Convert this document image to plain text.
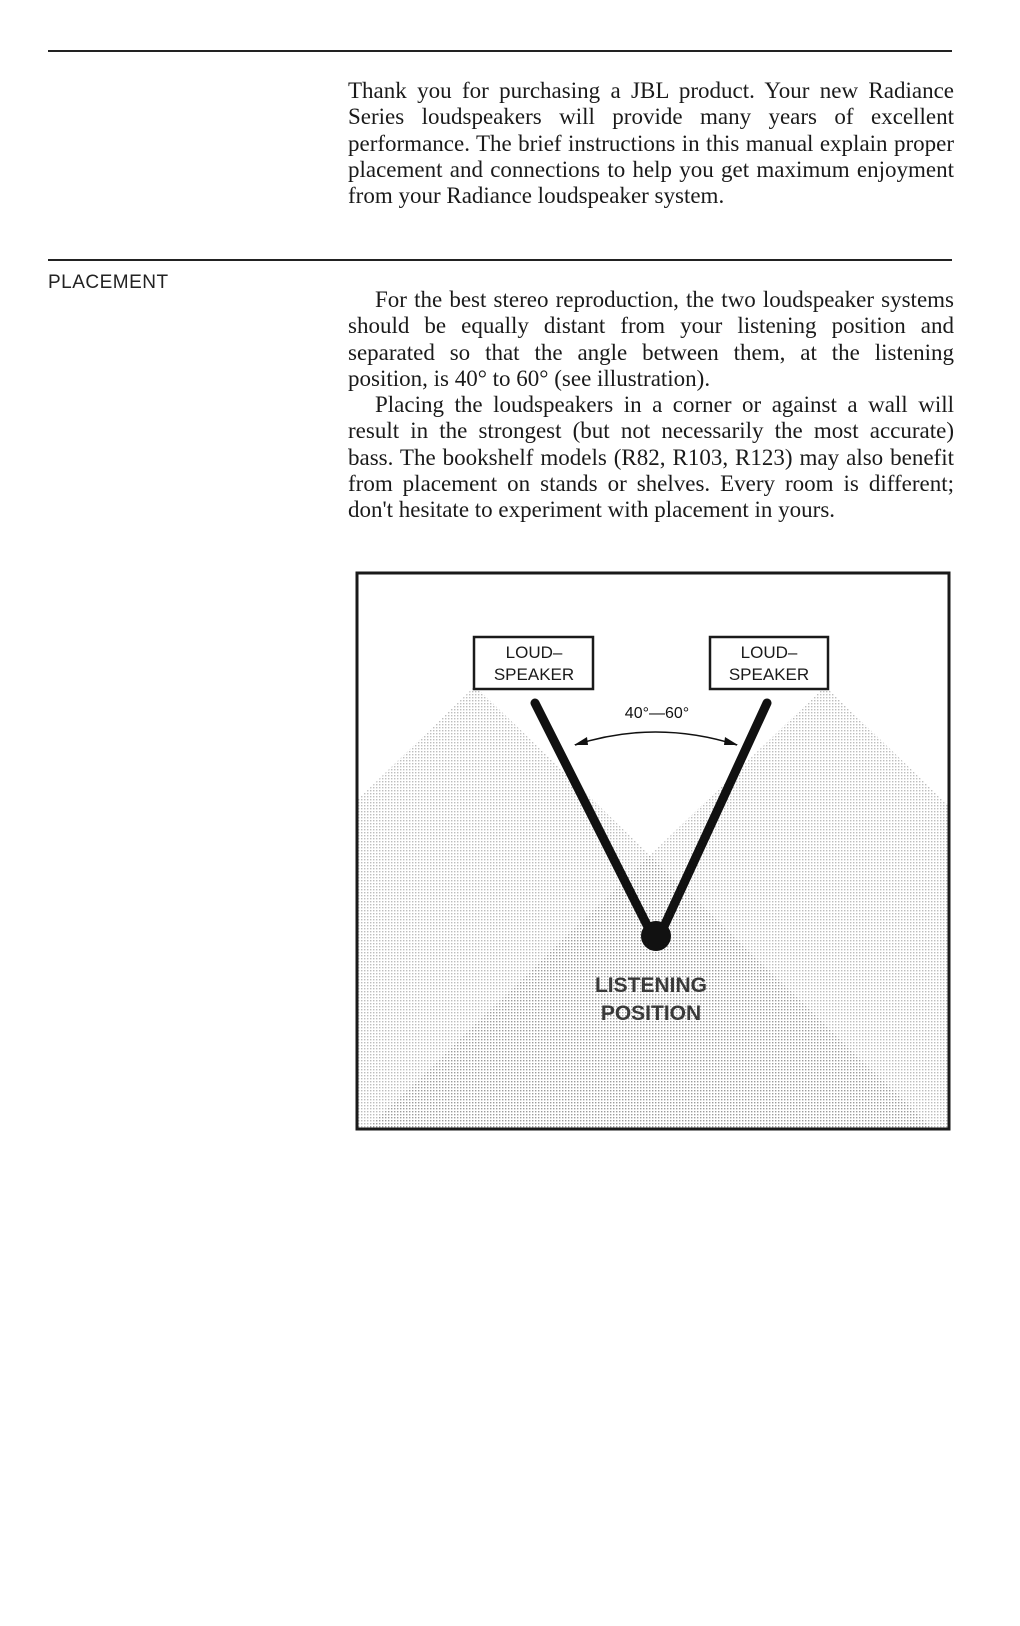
Thank you for purchasing a JBL product. Your new Radiance Series loudspeakers will provide many years of excellent performance. The brief instructions in this manual explain proper placement and connections to help you get maximum enjoyment from your Radiance loudspeaker system.

PLACEMENT

For the best stereo reproduction, the two loudspeaker systems should be equally distant from your listening position and separated so that the angle between them, at the listening position, is 40° to 60° (see illustration).

Placing the loudspeakers in a corner or against a wall will result in the strongest (but not necessarily the most accurate) bass. The bookshelf models (R82, R103, R123) may also benefit from placement on stands or shelves. Every room is different; don't hesitate to experiment with placement in yours.

LOUD–
SPEAKER
LOUD–
SPEAKER
40°—60°
LISTENING
POSITION
